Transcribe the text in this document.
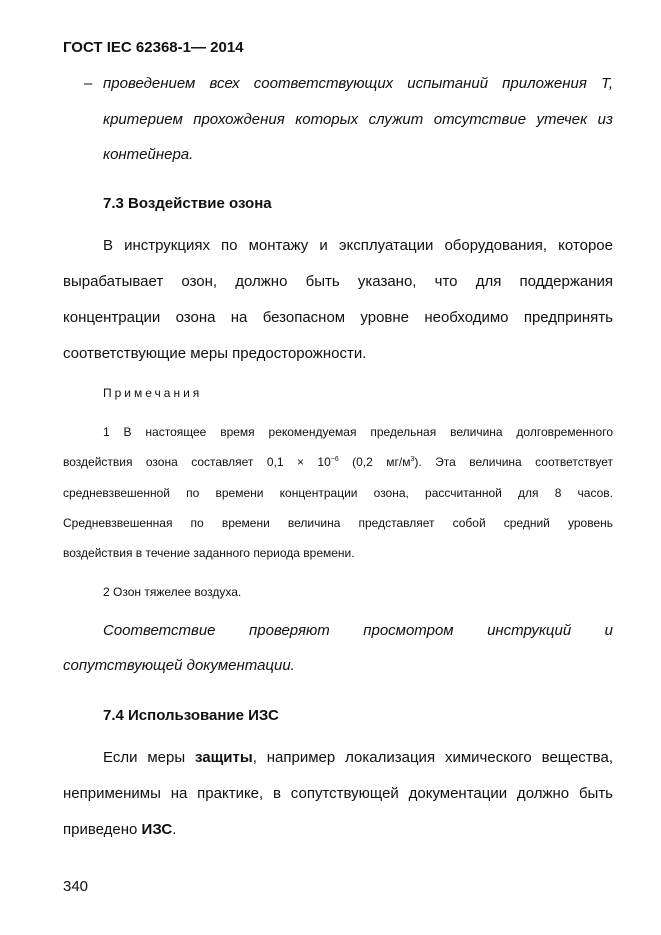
ГОСТ IEC 62368-1— 2014
– проведением всех соответствующих испытаний приложения Т,
критерием прохождения которых служит отсутствие утечек из
контейнера.
7.3 Воздействие озона
В инструкциях по монтажу и эксплуатации оборудования, которое
вырабатывает озон, должно быть указано, что для поддержания
концентрации озона на безопасном уровне необходимо предпринять
соответствующие меры предосторожности.
Примечания
1 В настоящее время рекомендуемая предельная величина долговременного
воздействия озона составляет $0,1 \times 10^{-6}$ (0,2 $мг/м^3$). Эта величина соответствует
средневзвешенной по времени концентрации озона, рассчитанной для 8 часов.
Средневзвешенная по времени величина представляет собой средний уровень
воздействия в течение заданного периода времени.
2 Озон тяжелее воздуха.
Соответствие проверяют просмотром инструкций и
сопутствующей документации.
7.4 Использование ИЗС
Если меры защиты, например локализация химического вещества,
неприменимы на практике, в сопутствующей документации должно быть
приведено ИЗС.
340
